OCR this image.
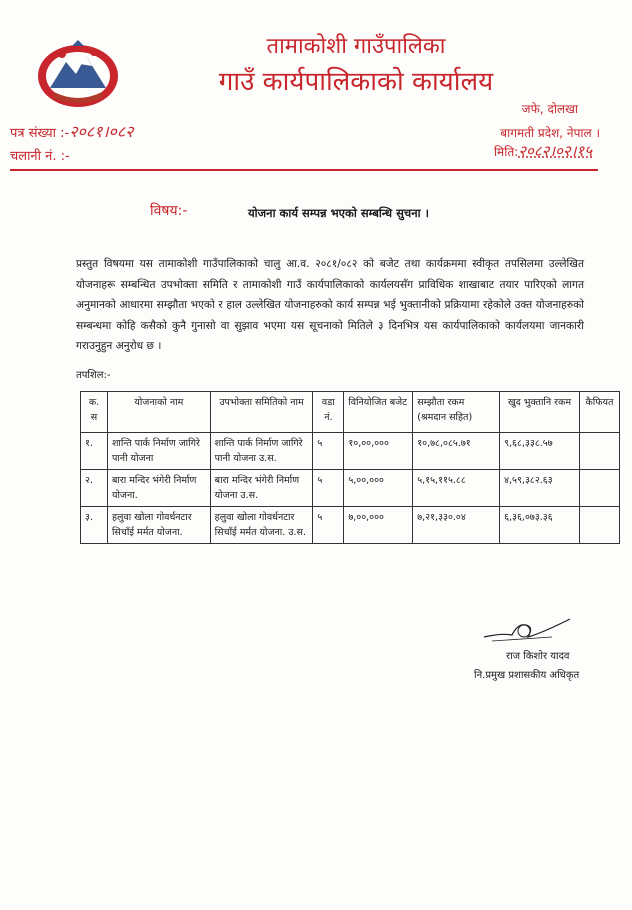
तामाकोशी गाउँपालिका
गाउँ कार्यपालिकाको कार्यालय
जफे, दोलखा
बागमती प्रदेश, नेपाल ।
मिति:२०८२।०२।१५
पत्र संख्या :-२०८१।०८२
चलानी नं. :-
विषय:-	योजना कार्य सम्पन्न भएको सम्बन्धि सुचना ।
प्रस्तुत विषयमा यस तामाकोशी गाउँपालिकाको चालु आ.व. २०८१/०८२ को बजेट तथा कार्यक्रममा स्वीकृत तपसिलमा उल्लेखित योजनाहरू सम्बन्धित उपभोक्ता समिति र तामाकोशी गाउँ कार्यपालिकाको कार्यलयसँग प्राविधिक शाखाबाट तयार पारिएको लागत अनुमानको आधारमा सम्झौता भएको र हाल उल्लेखित योजनाहरुको कार्य सम्पन्न भई भुक्तानीको प्रक्रियामा रहेकोले उक्त योजनाहरुको सम्बन्धमा कोहि कसैको कुनै गुनासो वा सुझाव भएमा यस सूचनाको मितिले ३ दिनभित्र यस कार्यपालिकाको कार्यलयमा जानकारी गराउनुहुन अनुरोध छ ।
तपशिल:-
क. स	योजनाको नाम	उपभोक्ता समितिको नाम	वडा नं.	विनियोजित बजेट	सम्झौता रकम (श्रमदान सहित)	खुद भुक्तानि रकम	कैफियत
१.	शान्ति पार्क निर्माण जागिरे पानी योजना	शान्ति पार्क निर्माण जागिरे पानी योजना उ.स.	५	१०,००,०००	१०,७८,०८५.७१	९,६८,३३८.५७	
२.	बारा मन्दिर भंगेरी निर्माण योजना.	बारा मन्दिर भंगेरी निर्माण योजना उ.स.	५	५,००,०००	५,१५,११५.८८	४,५९,३८२.६३	
३.	हलुवा खोला गोवर्धनटार सिचाँई मर्मत योजना.	हलुवा खोला गोवर्धनटार सिचाँई मर्मत योजना. उ.स.	५	७,००,०००	७,२१,३३०.०४	६,३६,०७३.३६	
राज किशोर यादव
नि.प्रमुख प्रशासकीय अधिकृत
